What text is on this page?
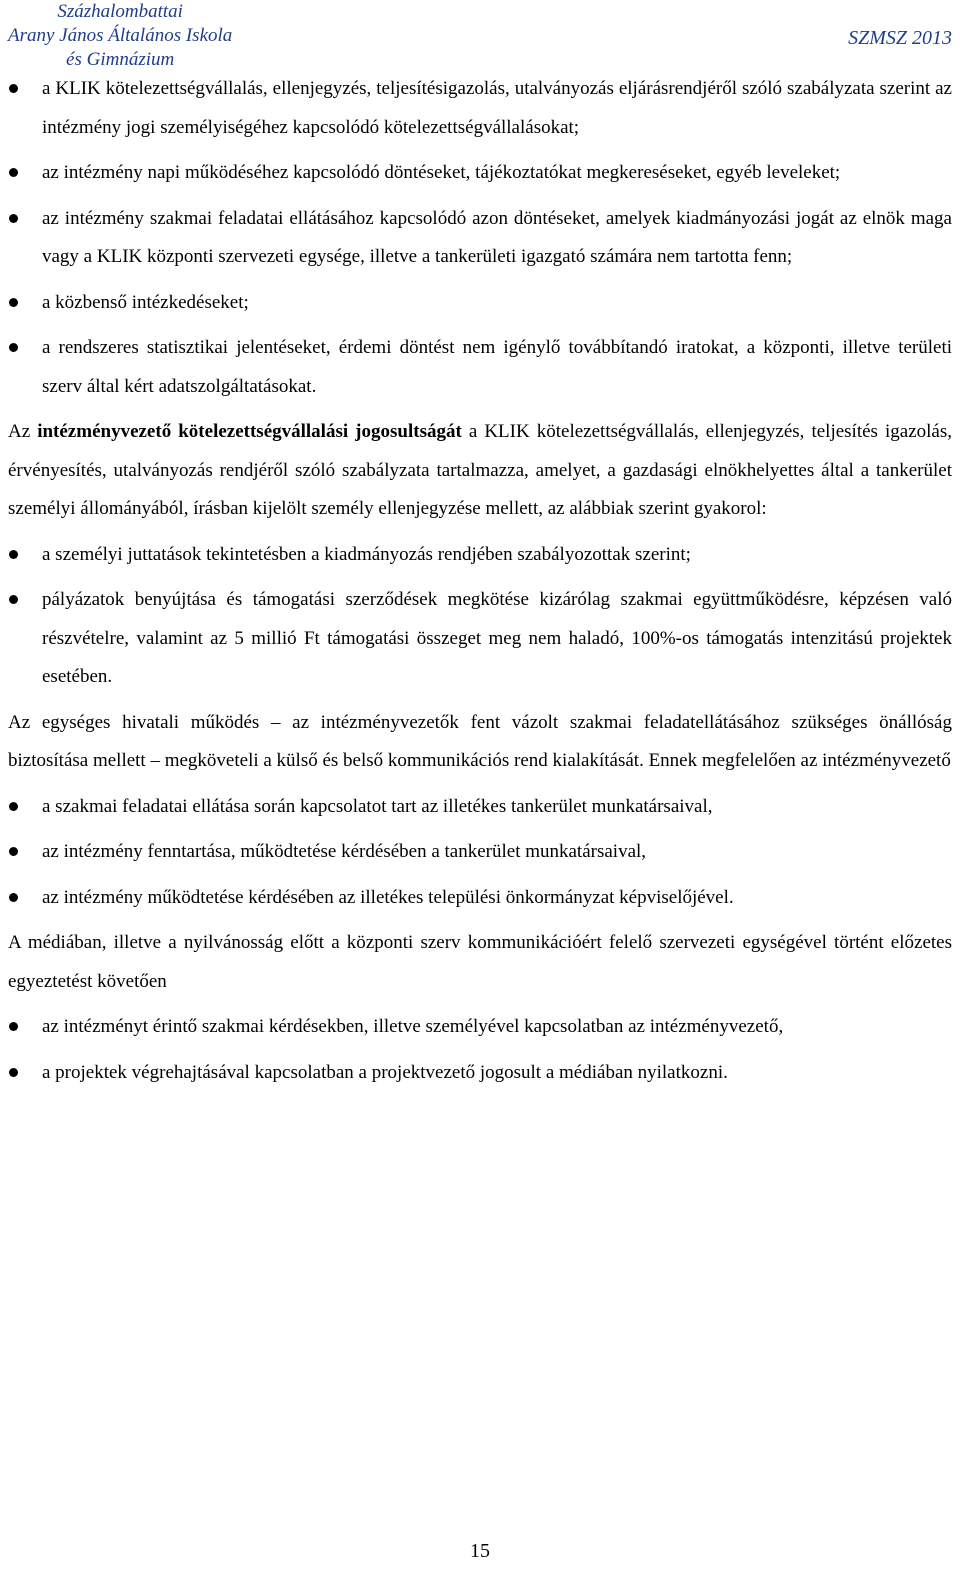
Százhalombattai
Arany János Általános Iskola
és Gimnázium
SZMSZ 2013
a KLIK kötelezettségvállalás, ellenjegyzés, teljesítésigazolás, utalványozás eljárásrendjéről szóló szabályzata szerint az intézmény jogi személyiségéhez kapcsolódó kötelezettségvállalásokat;
az intézmény napi működéséhez kapcsolódó döntéseket, tájékoztatókat megkereséseket, egyéb leveleket;
az intézmény szakmai feladatai ellátásához kapcsolódó azon döntéseket, amelyek kiadmányozási jogát az elnök maga vagy a KLIK központi szervezeti egysége, illetve a tankerületi igazgató számára nem tartotta fenn;
a közbenső intézkedéseket;
a rendszeres statisztikai jelentéseket, érdemi döntést nem igénylő továbbítandó iratokat, a központi, illetve területi szerv által kért adatszolgáltatásokat.

Az intézményvezető kötelezettségvállalási jogosultságát a KLIK kötelezettségvállalás, ellenjegyzés, teljesítés igazolás, érvényesítés, utalványozás rendjéről szóló szabályzata tartalmazza, amelyet, a gazdasági elnökhelyettes által a tankerület személyi állományából, írásban kijelölt személy ellenjegyzése mellett, az alábbiak szerint gyakorol:

a személyi juttatások tekintetésben a kiadmányozás rendjében szabályozottak szerint;
pályázatok benyújtása és támogatási szerződések megkötése kizárólag szakmai együttműködésre, képzésen való részvételre, valamint az 5 millió Ft támogatási összeget meg nem haladó, 100%-os támogatás intenzitású projektek esetében.

Az egységes hivatali működés – az intézményvezetők fent vázolt szakmai feladatellátásához szükséges önállóság biztosítása mellett – megköveteli a külső és belső kommunikációs rend kialakítását. Ennek megfelelően az intézményvezető

a szakmai feladatai ellátása során kapcsolatot tart az illetékes tankerület munkatársaival,
az intézmény fenntartása, működtetése kérdésében a tankerület munkatársaival,
az intézmény működtetése kérdésében az illetékes települési önkormányzat képviselőjével.

A médiában, illetve a nyilvánosság előtt a központi szerv kommunikációért felelő szervezeti egységével történt előzetes egyeztetést követően

az intézményt érintő szakmai kérdésekben, illetve személyével kapcsolatban az intézményvezető,
a projektek végrehajtásával kapcsolatban a projektvezető jogosult a médiában nyilatkozni.
15
